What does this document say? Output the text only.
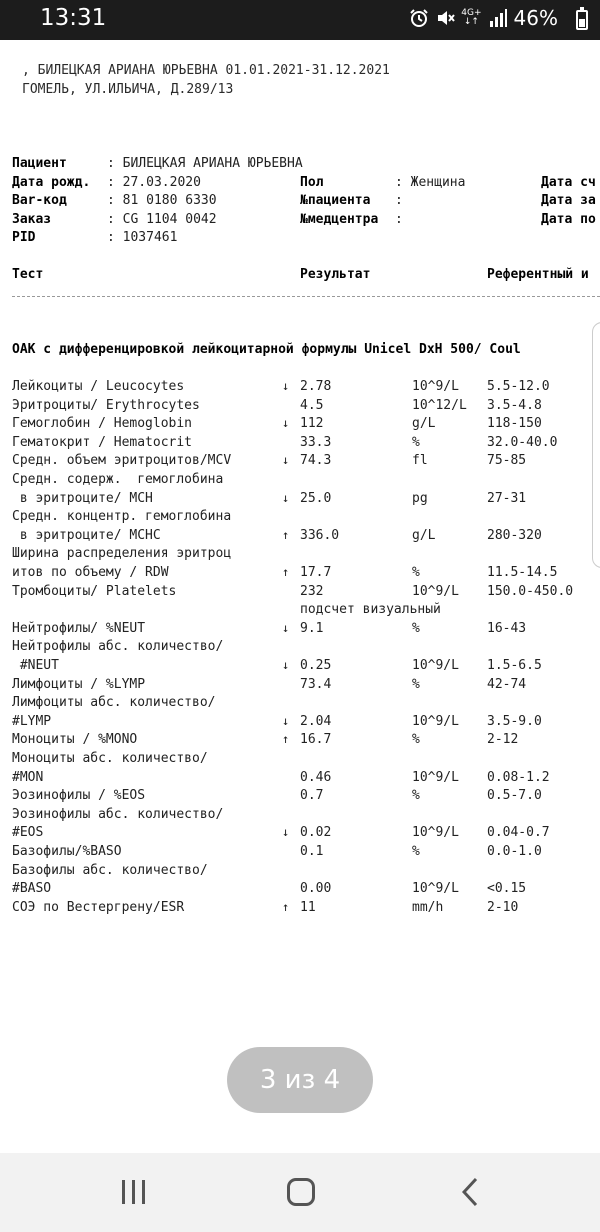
13:31	4G+
↓↑ 46%
, БИЛЕЦКАЯ АРИАНА ЮРЬЕВНА 01.01.2021-31.12.2021
ГОМЕЛЬ, УЛ.ИЛЬИЧА, Д.289/13
Пациент	: БИЛЕЦКАЯ АРИАНА ЮРЬЕВНА
Дата рожд. : 27.03.2020	Пол	: Женщина	Дата сч
Bar-код	: 81 0180 6330	№пациента :	Дата за
Заказ	: CG 1104 0042	№медцентра :	Дата по
PID	: 1037461
Тест	Результат	Референтный и
ОАК с дифференцировкой лейкоцитарной формулы Unicel DxH 500/ Coul
Лейкоциты / Leucocytes	↓ 2.78	10^9/L 5.5-12.0
Эритроциты/ Erythrocytes	4.5	10^12/L 3.5-4.8
Гемоглобин / Hemoglobin	↓ 112	g/L	118-150
Гематокрит / Hematocrit	33.3	%	32.0-40.0
Средн. объем эритроцитов/MCV	↓ 74.3	fl	75-85
Средн. содерж.  гемоглобина
в эритроците/ MCH	↓ 25.0	pg	27-31
Средн. концентр. гемоглобина
в эритроците/ MCHC	↑ 336.0	g/L	280-320
Ширина распределения эритроц
итов по объему / RDW	↑ 17.7	%	11.5-14.5
Тромбоциты/ Platelets	232	10^9/L 150.0-450.0
подсчет визуальный
Нейтрофилы/ %NEUT	↓ 9.1	%	16-43
Нейтрофилы абс. количество/
#NEUT	↓ 0.25	10^9/L 1.5-6.5
Лимфоциты / %LYMP	73.4	%	42-74
Лимфоциты абс. количество/
#LYMP	↓ 2.04	10^9/L 3.5-9.0
Моноциты / %MONO	↑ 16.7	%	2-12
Моноциты абс. количество/
#MON	0.46	10^9/L 0.08-1.2
Эозинофилы / %EOS	0.7	%	0.5-7.0
Эозинофилы абс. количество/
#EOS	↓ 0.02	10^9/L 0.04-0.7
Базофилы/%BASO	0.1	%	0.0-1.0
Базофилы абс. количество/
#BASO	0.00	10^9/L <0.15
СОЭ по Вестергрену/ESR	↑ 11	mm/h	2-10
3 из 4
